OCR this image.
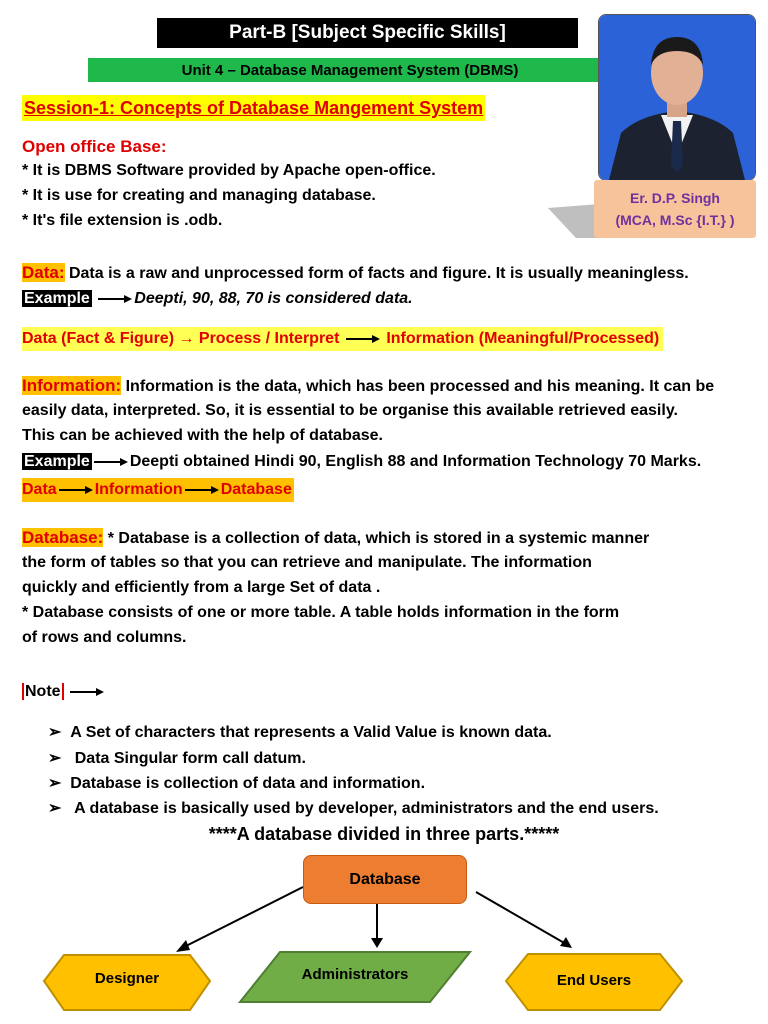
Part-B [Subject Specific Skills]
Unit 4 – Database Management System (DBMS)
Session-1: Concepts of Database Mangement System
Er. D.P. Singh
(MCA, M.Sc {I.T.} )
Open office Base:
* It is DBMS Software provided by Apache open-office.
* It is use for creating and managing database.
* It's file extension is .odb.
Data: Data is a raw and unprocessed form of facts and figure. It is usually meaningless.
Example	Deepti, 90, 88, 70 is considered data.
Data (Fact & Figure) → Process / Interpret	Information (Meaningful/Processed)
Information: Information is the data, which has been processed and his meaning. It can be
easily data, interpreted. So, it is essential to be organise this available retrieved easily.
This can be achieved with the help of database.
Example	Deepti obtained Hindi 90, English 88 and Information Technology 70 Marks.
Data Information Database
Database: * Database is a collection of data, which is stored in a systemic manner
the form of tables so that you can retrieve and manipulate. The information
quickly and efficiently from a large Set of data .
* Database consists of one or more table. A table holds information in the form
of rows and columns.
Note
➢  A Set of characters that represents a Valid Value is known data.
➢   Data Singular form call datum.
➢  Database is collection of data and information.
➢   A database is basically used by developer, administrators and the end users.
****A database divided in three parts.*****
Database
Designer	Administrators	End Users
